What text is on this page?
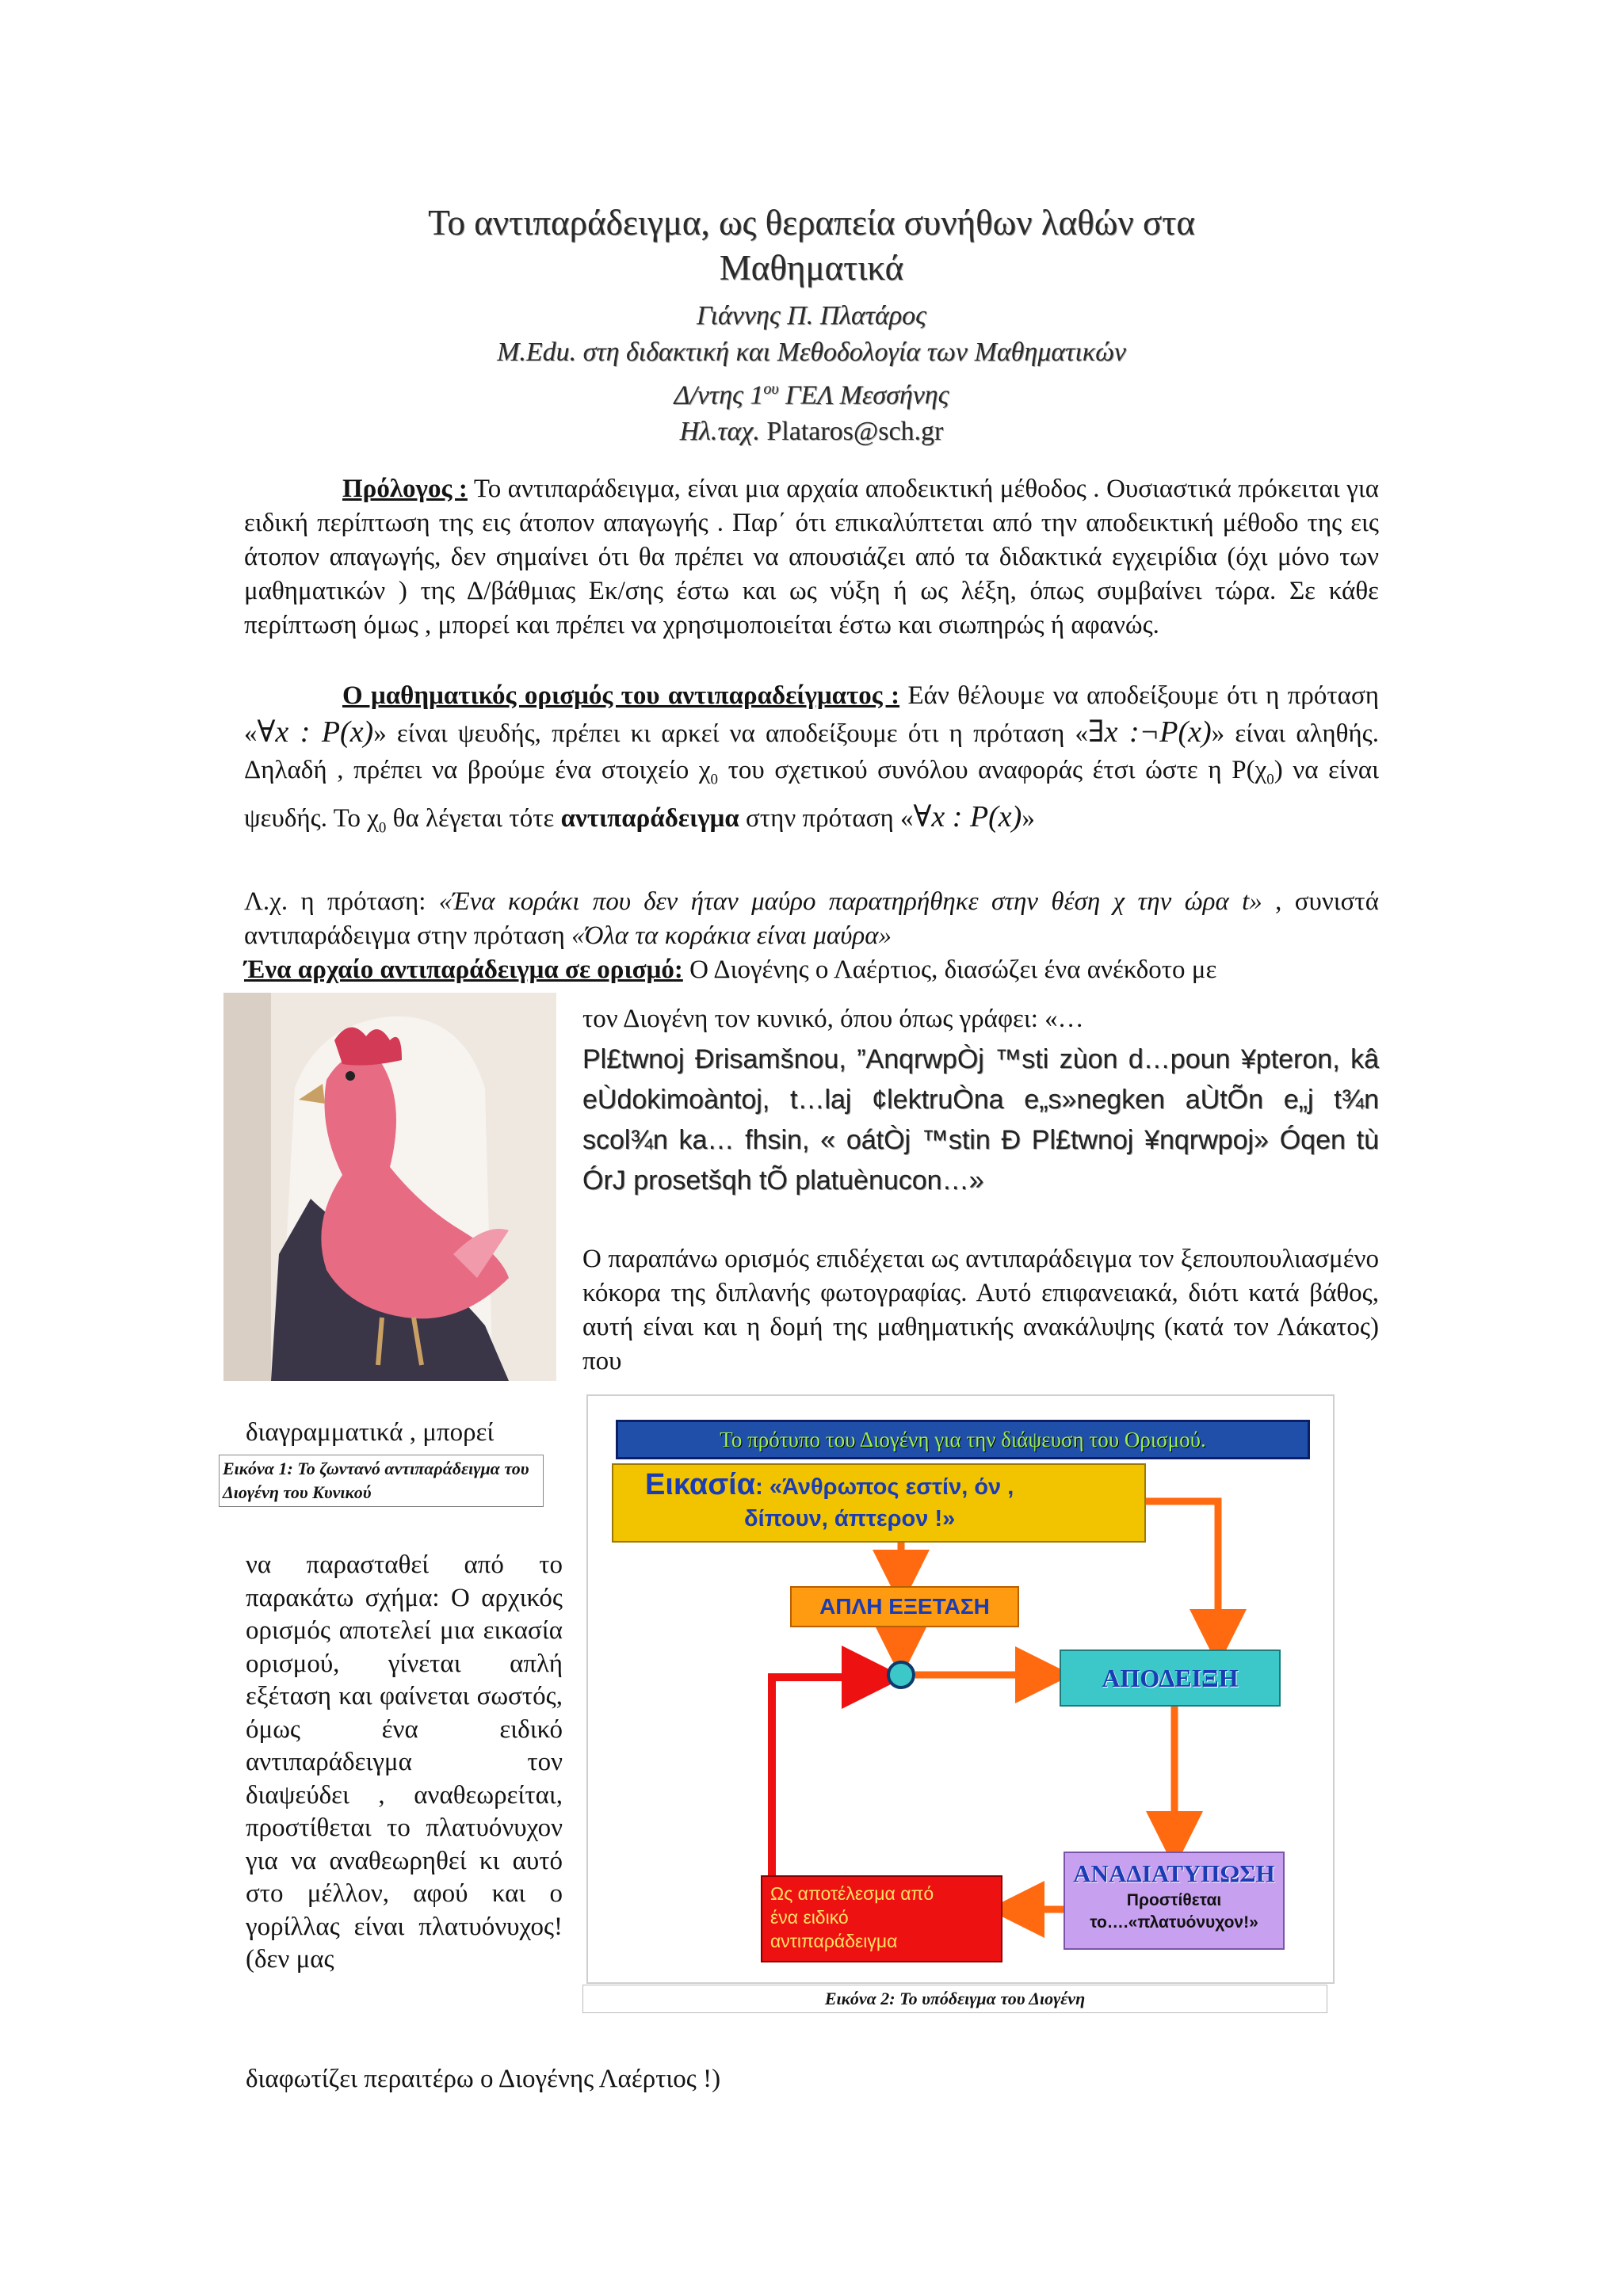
Το αντιπαράδειγμα, ως θεραπεία συνήθων λαθών στα
Μαθηματικά
Γιάννης Π. Πλατάρος
M.Edu. στη διδακτική και Μεθοδολογία των Μαθηματικών
Δ/ντης $1^{o\upsilon}$ ΓΕΛ Μεσσήνης
Ηλ.ταχ. Plataros@sch.gr
Πρόλογος : Το αντιπαράδειγμα, είναι μια αρχαία αποδεικτική μέθοδος . Ουσιαστικά πρόκειται για ειδική περίπτωση της εις άτοπον απαγωγής . Παρ΄ ότι επικαλύπτεται από την αποδεικτική μέθοδο της εις άτοπον απαγωγής, δεν σημαίνει ότι θα πρέπει να απουσιάζει από τα διδακτικά εγχειρίδια (όχι μόνο των μαθηματικών ) της Δ/βάθμιας Εκ/σης έστω και ως νύξη ή ως λέξη, όπως συμβαίνει τώρα. Σε κάθε περίπτωση όμως , μπορεί και πρέπει να χρησιμοποιείται έστω και σιωπηρώς ή αφανώς.
Ο μαθηματικός ορισμός του αντιπαραδείγματος : Εάν θέλουμε να αποδείξουμε ότι η πρόταση «∀x : P(x)» είναι ψευδής, πρέπει κι αρκεί να αποδείξουμε ότι η πρόταση «∃x :¬P(x)» είναι αληθής. Δηλαδή , πρέπει να βρούμε ένα στοιχείο $\chi_0$ του σχετικού συνόλου αναφοράς έτσι ώστε η $P(\chi_0)$ να είναι ψευδής. Το $\chi_0$ θα λέγεται τότε αντιπαράδειγμα στην πρόταση «∀x : P(x)»
Λ.χ. η πρόταση: «Ένα κοράκι που δεν ήταν μαύρο παρατηρήθηκε στην θέση χ την ώρα t» , συνιστά αντιπαράδειγμα στην πρόταση «Όλα τα κοράκια είναι μαύρα»
Ένα αρχαίο αντιπαράδειγμα σε ορισμό: Ο Διογένης ο Λαέρτιος, διασώζει ένα ανέκδοτο με
Εικόνα 1: Το ζωντανό αντιπαράδειγμα του Διογένη του Κυνικού
τον Διογένη τον κυνικό, όπου όπως γράφει: «…
Pl£twnoj Ðrisamšnou, ”AnqrwpÒj ™sti zùon d…poun ¥pteron, kâ eÙdokimoàntoj, t…laj ¢lektruÒna e„s»negken aÙtÕn e„j t¾n scol¾n ka… fhsin, « oátÒj ™stin Ð Pl£twnoj ¥nqrwpoj» Óqen tù ÓrJ prosetšqh tÕ platuènucon…»
Ο παραπάνω ορισμός επιδέχεται ως αντιπαράδειγμα τον ξεπουπουλιασμένο κόκορα της διπλανής φωτογραφίας. Αυτό επιφανειακά, διότι κατά βάθος, αυτή είναι και η δομή της μαθηματικής ανακάλυψης (κατά τον Λάκατος) που
διαγραμματικά , μπορεί
να παρασταθεί από το παρακάτω σχήμα: Ο αρχικός ορισμός αποτελεί μια εικασία ορισμού, γίνεται απλή εξέταση και φαίνεται σωστός, όμως ένα ειδικό αντιπαράδειγμα τον διαψεύδει , αναθεωρείται, προστίθεται το πλατυόνυχον για να αναθεωρηθεί κι αυτό στο μέλλον, αφού και ο γορίλλας είναι πλατυόνυχος! (δεν μας
διαφωτίζει περαιτέρω ο Διογένης Λαέρτιος !)
Το πρότυπο του Διογένη για την διάψευση του Ορισμού.
Εικασία: «Άνθρωπος εστίν, όν ,
δίπουν, άπτερον !»
ΑΠΛΗ ΕΞΕΤΑΣΗ
ΑΠΟΔΕΙΞΗ
ΑΝΑΔΙΑΤΥΠΩΣΗ
Προστίθεται
το….«πλατυόνυχον!»
Ως αποτέλεσμα από
ένα ειδικό
αντιπαράδειγμα
Εικόνα 2: Το υπόδειγμα του Διογένη
